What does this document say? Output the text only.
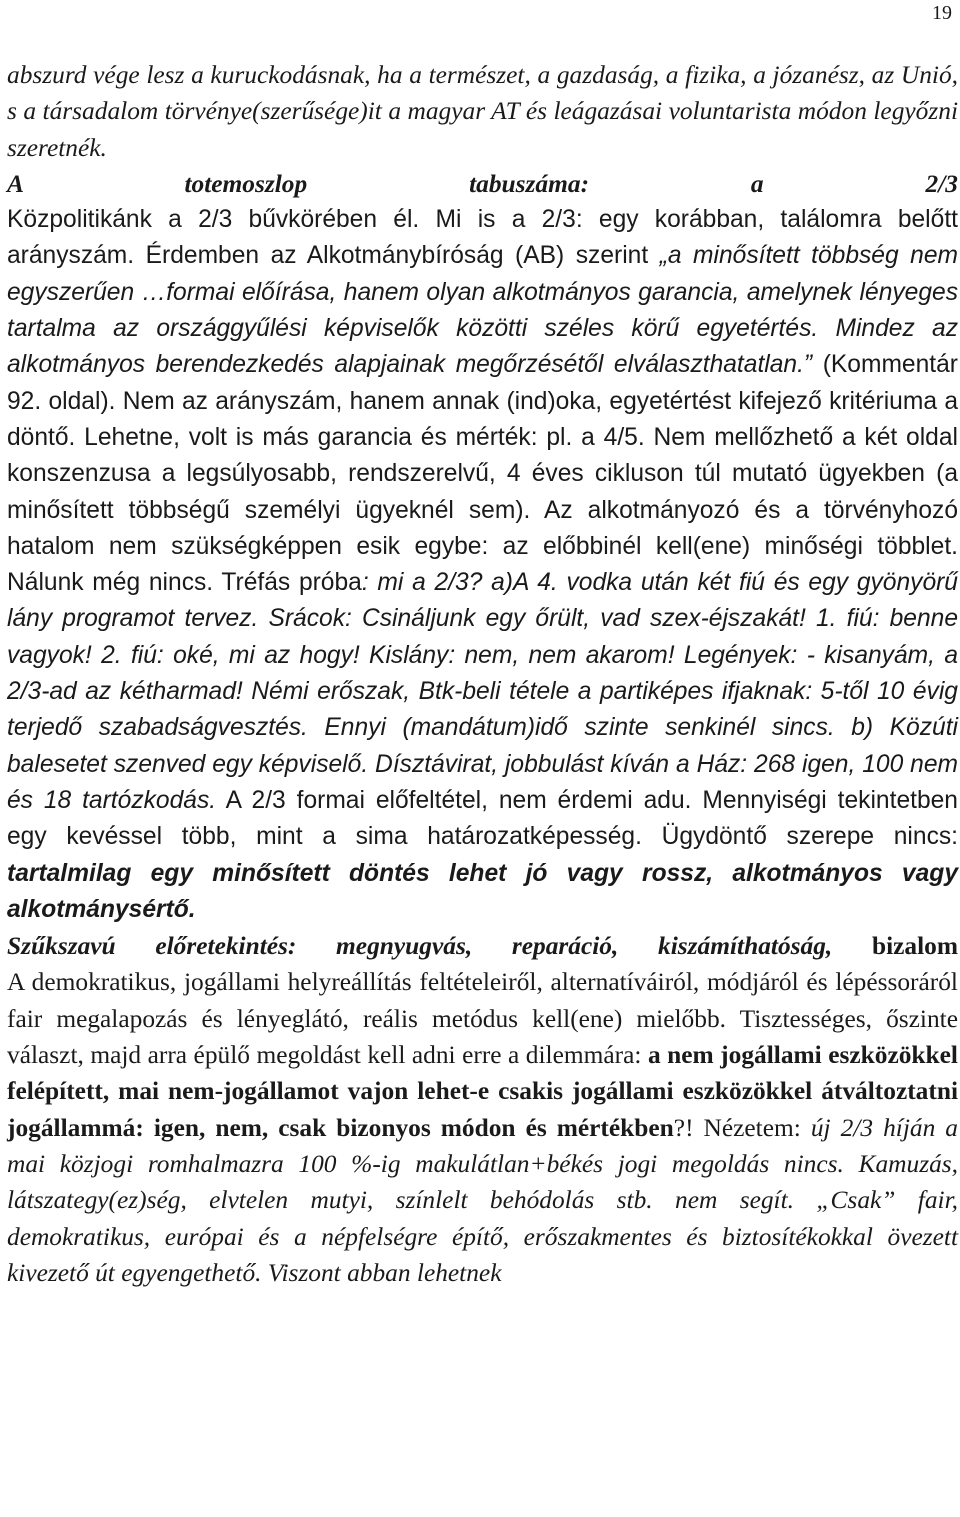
19

abszurd vége lesz a kuruckodásnak, ha a természet, a gazdaság, a fizika, a józanész, az Unió, s a társadalom törvénye(szerűsége)it a magyar AT és leágazásai voluntarista módon legyőzni szeretnék.

A totemoszlop tabuszáma: a 2/3

Közpolitikánk a 2/3 bűvkörében él. Mi is a 2/3: egy korábban, találomra belőtt arányszám. Érdemben az Alkotmánybíróság (AB) szerint „a minősített többség nem egyszerűen …formai előírása, hanem olyan alkotmányos garancia, amelynek lényeges tartalma az országgyűlési képviselők közötti széles körű egyetértés. Mindez az alkotmányos berendezkedés alapjainak megőrzésétől elválaszthatatlan.” (Kommentár 92. oldal). Nem az arányszám, hanem annak (ind)oka, egyetértést kifejező kritériuma a döntő. Lehetne, volt is más garancia és mérték: pl. a 4/5. Nem mellőzhető a két oldal konszenzusa a legsúlyosabb, rendszerelvű, 4 éves cikluson túl mutató ügyekben (a minősített többségű személyi ügyeknél sem). Az alkotmányozó és a törvényhozó hatalom nem szükségképpen esik egybe: az előbbinél kell(ene) minőségi többlet. Nálunk még nincs. Tréfás próba: mi a 2/3? a)A 4. vodka után két fiú és egy gyönyörű lány programot tervez. Srácok: Csináljunk egy őrült, vad szex-éjszakát! 1. fiú: benne vagyok! 2. fiú: oké, mi az hogy! Kislány: nem, nem akarom! Legények: - kisanyám, a 2/3-ad az kétharmad! Némi erőszak, Btk-beli tétele a partiképes ifjaknak: 5-től 10 évig terjedő szabadságvesztés. Ennyi (mandátum)idő szinte senkinél sincs. b) Közúti balesetet szenved egy képviselő. Dísztávirat, jobbulást kíván a Ház: 268 igen, 100 nem és 18 tartózkodás. A 2/3 formai előfeltétel, nem érdemi adu. Mennyiségi tekintetben egy kevéssel több, mint a sima határozatképesség. Ügydöntő szerepe nincs: tartalmilag egy minősített döntés lehet jó vagy rossz, alkotmányos vagy alkotmánysértő.

Szűkszavú előretekintés: megnyugvás, reparáció, kiszámíthatóság, bizalom

A demokratikus, jogállami helyreállítás feltételeiről, alternatíváiról, módjáról és lépéssoráról fair megalapozás és lényeglátó, reális metódus kell(ene) mielőbb. Tisztességes, őszinte választ, majd arra épülő megoldást kell adni erre a dilemmára: a nem jogállami eszközökkel felépített, mai nem-jogállamot vajon lehet-e csakis jogállami eszközökkel átváltoztatni jogállammá: igen, nem, csak bizonyos módon és mértékben?! Nézetem: új 2/3 híján a mai közjogi romhalmazra 100 %-ig makulátlan+békés jogi megoldás nincs. Kamuzás, látszategy(ez)ség, elvtelen mutyi, színlelt behódolás stb. nem segít. „Csak” fair, demokratikus, európai és a népfelségre építő, erőszakmentes és biztosítékokkal övezett kivezető út egyengethető. Viszont abban lehetnek
